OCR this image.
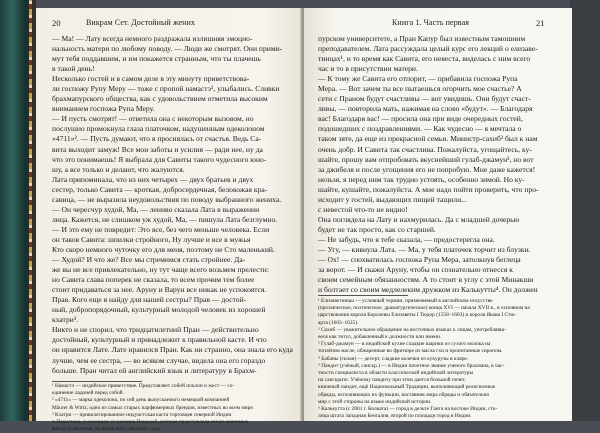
20	Викрам Сет. Достойный жених

— Ма! — Лату всегда немного раздражала излишняя эмоцио-

нальность матери по любому поводу. — Люди же смотрят. Они прими-

мут тебя поддавшим, и им покажется странным, что ты плачешь

в такой день!

Несколько гостей и в самом деле в эту минуту приветствова-

ли госпожу Рупу Меру — тоже с пропой намастэ¹, улыбались. Сливки

брахмапурского общества, как с удовольствием отметила высоким

вниманием госпожа Рупа Меру.

— И пусть смотрят! — ответила она с некоторым вызовом, но

послушно промокнула глаза платочком, надушенным одеколоном

«4711»². — Пусть думают, что я просиялась от счастья. Ведь Са-

вита выходит замуж! Все мои заботы и усилия — ради нее, ну да

что это понимаешь! Я выбрала для Савиты такого чудесного юно-

шу, а все только и делают, что жалуются.

Лата припоминала, что из них четырех — двух братьев и двух

сестер, только Савита — кроткая, добросердечная, белокожая кра-

савица, — не выразила неудовольствия по поводу выбранного жениха.

— Он чересчур худой, Ма, — лениво сказала Лата в выражении

лица. Кажется, не слишком уж худой, Ма, — пишула Лата безглумно.

— И это ему не повредит: Это все, без чего меньше человека. Если

он таков Савита: шпилки стройного, Ну лучше и все в мужья

Кто скоро немного чуточку его для меня, поэтому не Сто маленький.

— Худой? И что же? Все мы стремимся стать стройнее. Да-

же вы не все привлекательно, ну тут чаще всего возьмем прелести:

но Савита слава поперек не сказала, то всем прочим тем более

стоит придаваться за нее. Аруну и Варун все никак не успокоятся.

Прав. Кого еще я найду для нашей сестры? Прав — достой-

ный, добропорядочный, культурный молодой человек из хорошей

кхатри³.

Никто и не спорил, что тридцатилетний Пран — действительно

достойный, культурный и принадлежит к правильной касте. И что

он нравится Лате. Лате нравился Пран. Как ни странно, она знала его куда

лучше, чем ее сестра, — во всяком случае, видела она его гораздо

больше. Пран читал ей английский язык и литературу в Брахм-

¹ Намастэ — индийское приветствие. Представляет собой поклон и жест — со-

единение ладоней перед собой.

² «4711» — марка одеколона, по сей день выпускаемого немецкой компанией

Mäurer & Wirtz, одно из самых старых парфюмерных брендов, известных во всем мире.

³ Кхатри — привилегированное индуистская каста торговцев северной Индии

и Пакистана, в основном из региона Пенджаб, которая представляла много значимых

фигур в сикхизме, включая всех сикхских гуру.

Книга 1. Часть первая	21

пурском университете, а Пран Капур был известным тамошним

преподавателем. Лата рассуждала целый курс его лекций о елизаве-

тинцах¹, и то время как Савита, его невеста, виделась с ним всего

час и то в присутствии матери.

— К тому же Савита его отпорит, — прибавила госпожа Рупа

Мера. — Вот зачем ты все пытаешься огорчить мое счастье? А

сети с Праном будут счастливы — вот увидишь. Они будут счаст-

ливы, — повторила мать, нажимая на слово «будут». — Благодаря

вас! Благодаря вас! — просила она при виде очередных гостей,

подошедших с поздравлениями. — Как чудесно — я мечтала о

таком зяте, да еще из прекрасной семьи. Министр-сахиб² был к нам

очень добр. И Савита так счастлива. Пожалуйста, угощайтесь, ку-

шайте, прошу вам отпробовать вкуснейший гулаб-джамун³, но вот

за джибеля и после угощения его не попробую. Мне даже кажется!

нельзя, я перед ним так трудно устоять, особенно зимой. Но ку-

шайте, кушайте, пожалуйста. А мне надо пойти проверить, что про-

исходит у гостей, выдающих пищей тащили...

с невестой что-то не видно!

Она поглядела на Лату и нахмурилась. Дa с младшей дочерью

будет не так просто, как со старшей.

— Не забудь, что я тебе сказала, — предостерегла она.

— Угу, — кивнула Лата. — Ма, у тебя платочек торчит из блузки.

— Ох! — спохватилась госпожа Рупа Мера, затолкнув беглеца

за ворот. — И скажи Аруну, чтобы он сознательно отнесся к

своим семейным обязанностям. А то стоит в углу с этой Минакши

и болтает со своим медлелеким дружком из Калькутты⁴. Он должен

¹ Елизаветинцы — условный термин, применяемый в английском искусстве

(прозаическое, поэтическое, драматургическое) конца XVI — начала XVII в., в основном на

царствования короля Королевы Елизаветы I Тюдор (1558–1603) и короля Якова I Стю-

арта (1603–1625).

² Сахиб — уважительное обращение на восточных языках к лицам, употреблявш-

ееся как титул, добавленный к должности или имени.

³ Гулаб-джамун — в индийской кухне сладкие шарики из сухого молока на

топлёном масле, обжаренные во фритюре из масла гхи и пропитанные сиропом.

⁴ Бабаны (гилан) — десерт, сладкие колечки из кукурузы в кляре.

⁵ Пандит (учёный, санскр.) — в Индии почетное звание ученого брахмана, в час-

тности специалиста в области классической индийской литературы

на санскрите. Учёному пандиту при этом дается большой почет,

книжный пандит, ещё Национальный Традиции, выполняющий религиозные

обряды, исполняющих их функции, наставник мира обряды и обязательно

мир с этой стороны на языке индийской истории.

⁶ Калькутта (с 2001 г. Колката) — город в дельте Ганга на востоке Индии, сто-

лица штата Западная Бенгалия, второй по площади город в Индии.
